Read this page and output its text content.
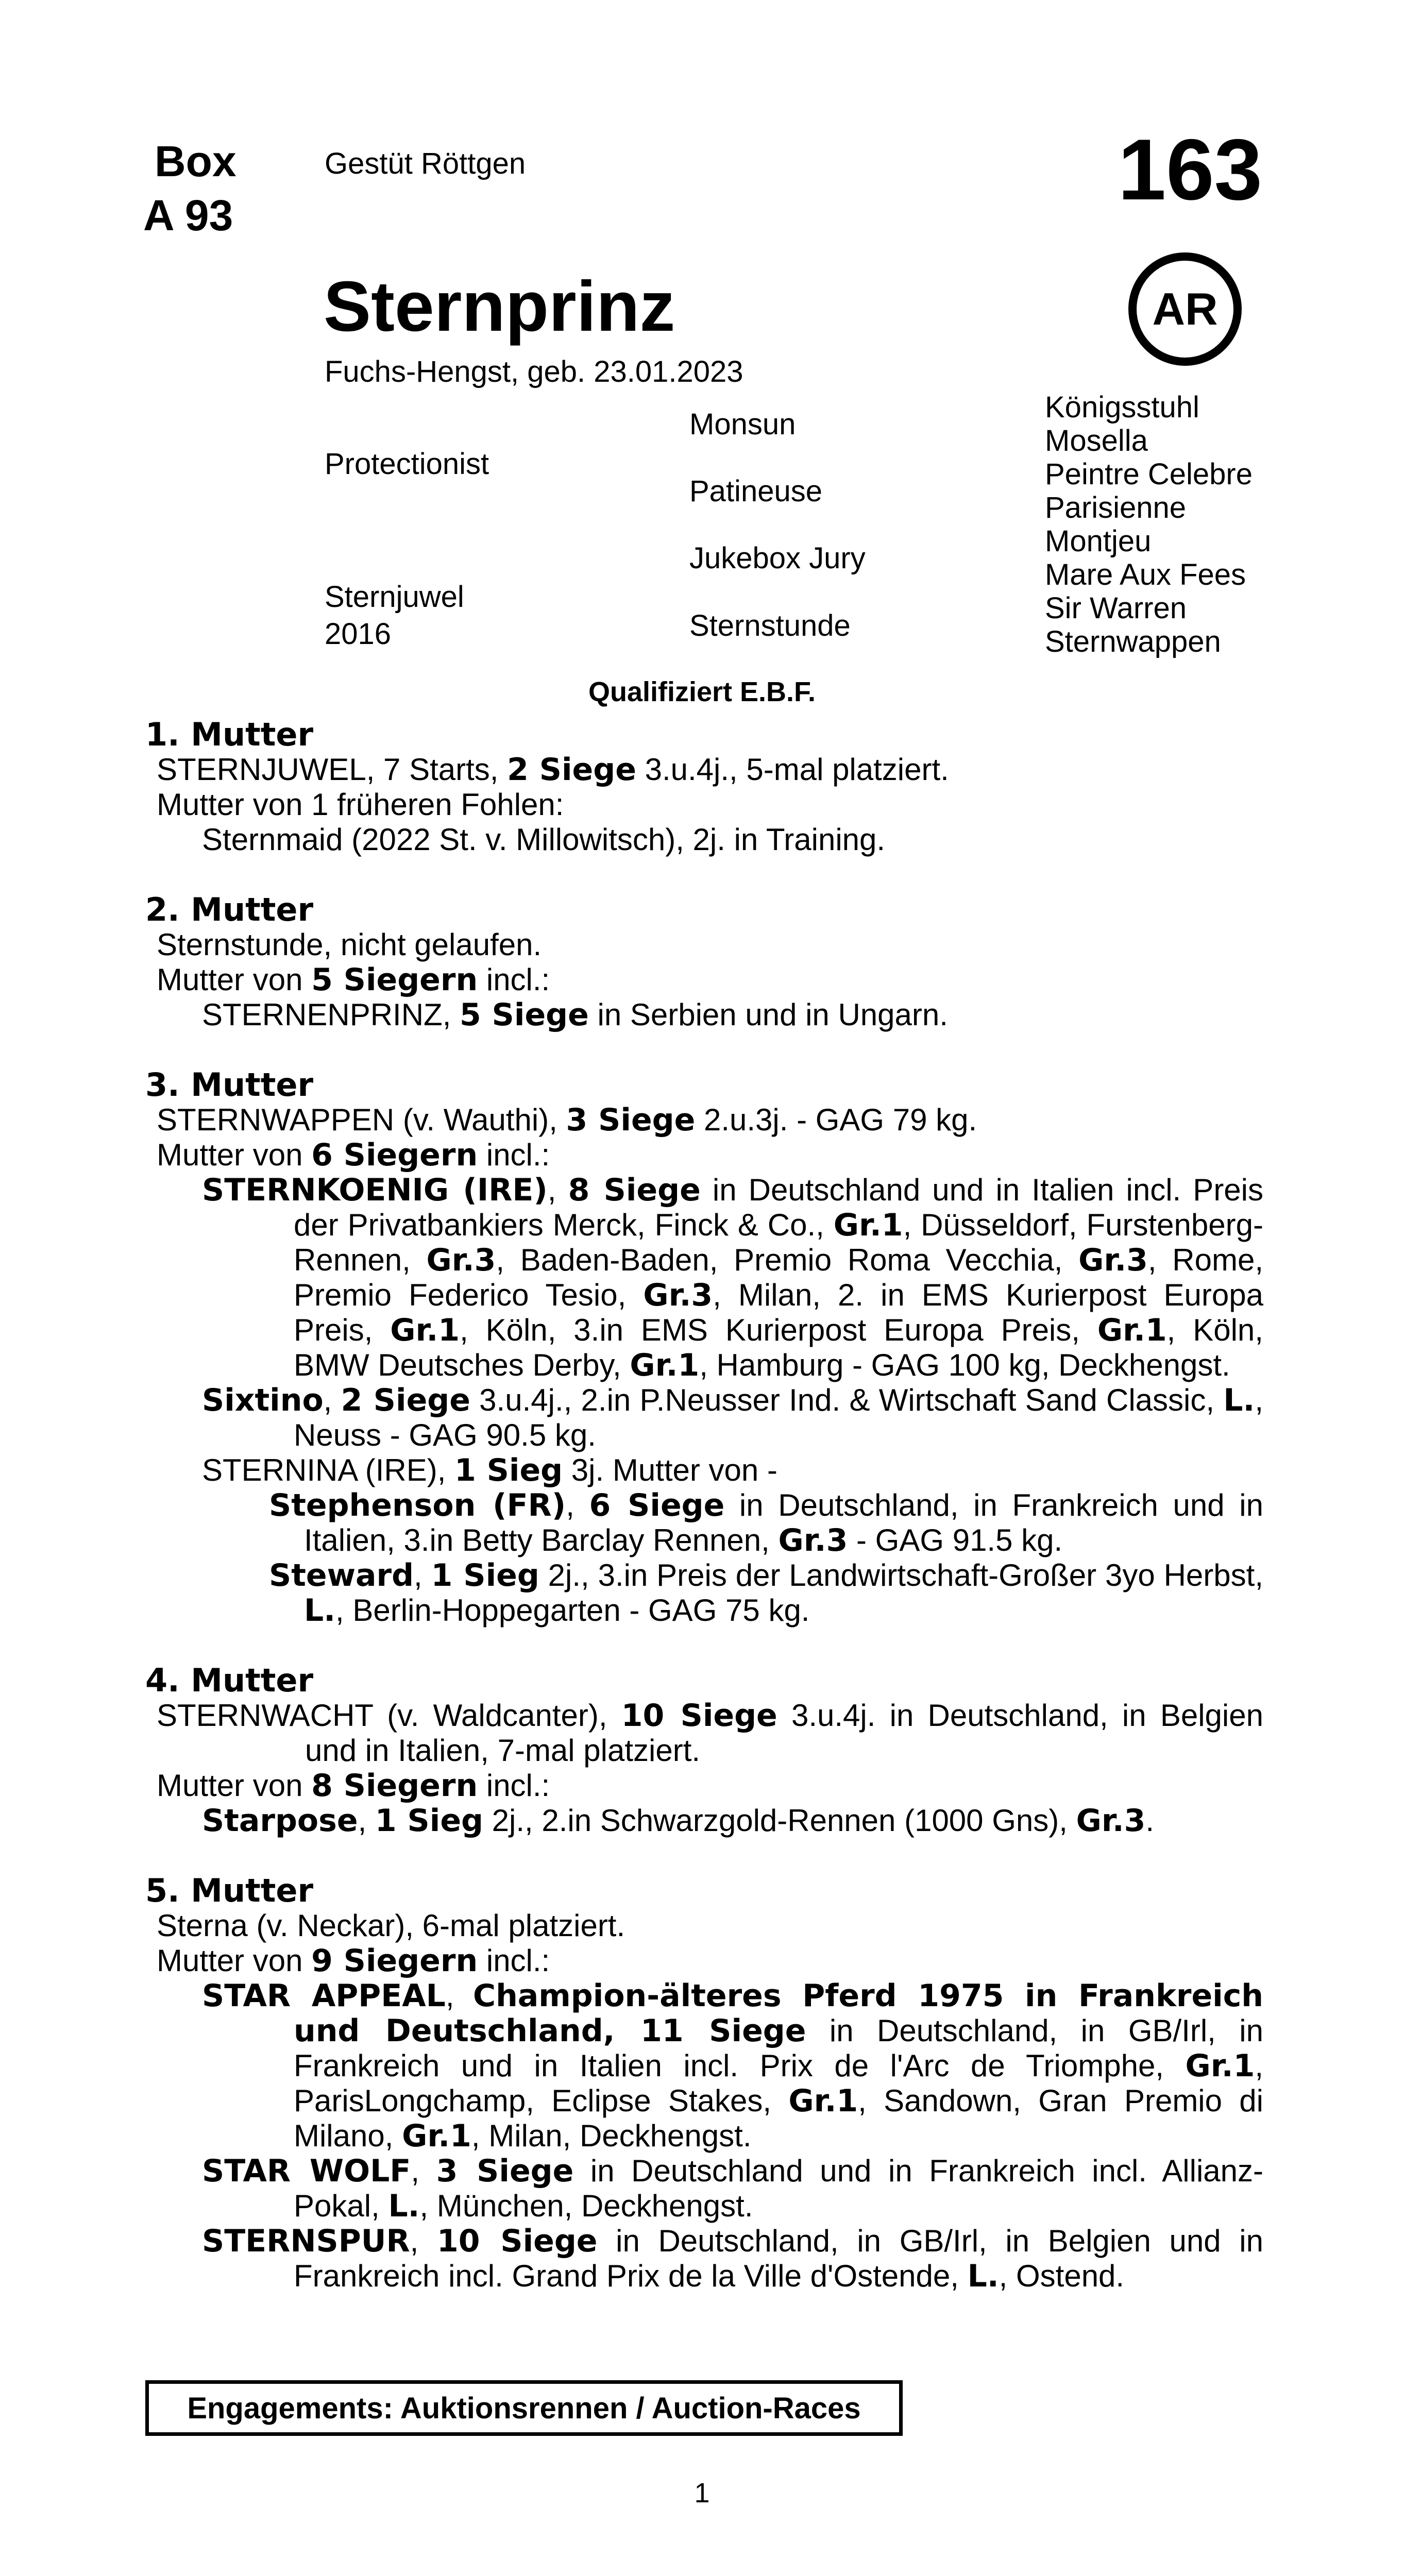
Box
A 93
Gestüt Röttgen	163
AR
Sternprinz
Fuchs-Hengst, geb. 23.01.2023
Protectionist
Sternjuwel
2016
Monsun
Patineuse
Jukebox Jury
Sternstunde
Königsstuhl
Mosella
Peintre Celebre
Parisienne
Montjeu
Mare Aux Fees
Sir Warren
Sternwappen
Qualifiziert E.B.F.
1. Mutter
STERNJUWEL, 7 Starts, 2 Siege 3.u.4j., 5-mal platziert.
Mutter von 1 früheren Fohlen:
Sternmaid (2022 St. v. Millowitsch), 2j. in Training.
2. Mutter
Sternstunde, nicht gelaufen.
Mutter von 5 Siegern incl.:
STERNENPRINZ, 5 Siege in Serbien und in Ungarn.
3. Mutter
STERNWAPPEN (v. Wauthi), 3 Siege 2.u.3j. - GAG 79 kg.
Mutter von 6 Siegern incl.:
STERNKOENIG (IRE), 8 Siege in Deutschland und in Italien incl. Preis der Privatbankiers Merck, Finck & Co., Gr.1, Düsseldorf, Furstenberg-Rennen, Gr.3, Baden-Baden, Premio Roma Vecchia, Gr.3, Rome, Premio Federico Tesio, Gr.3, Milan, 2. in EMS Kurierpost Europa Preis, Gr.1, Köln, 3.in EMS Kurierpost Europa Preis, Gr.1, Köln, BMW Deutsches Derby, Gr.1, Hamburg - GAG 100 kg, Deckhengst.
Sixtino, 2 Siege 3.u.4j., 2.in P.Neusser Ind. & Wirtschaft Sand Classic, L., Neuss - GAG 90.5 kg.
STERNINA (IRE), 1 Sieg 3j. Mutter von -
Stephenson (FR), 6 Siege in Deutschland, in Frankreich und in Italien, 3.in Betty Barclay Rennen, Gr.3 - GAG 91.5 kg.
Steward, 1 Sieg 2j., 3.in Preis der Landwirtschaft-Großer 3yo Herbst, L., Berlin-Hoppegarten - GAG 75 kg.
4. Mutter
STERNWACHT (v. Waldcanter), 10 Siege 3.u.4j. in Deutschland, in Belgien und in Italien, 7-mal platziert.
Mutter von 8 Siegern incl.:
Starpose, 1 Sieg 2j., 2.in Schwarzgold-Rennen (1000 Gns), Gr.3.
5. Mutter
Sterna (v. Neckar), 6-mal platziert.
Mutter von 9 Siegern incl.:
STAR APPEAL, Champion-älteres Pferd 1975 in Frankreich und Deutschland, 11 Siege in Deutschland, in GB/Irl, in Frankreich und in Italien incl. Prix de l'Arc de Triomphe, Gr.1, ParisLongchamp, Eclipse Stakes, Gr.1, Sandown, Gran Premio di Milano, Gr.1, Milan, Deckhengst.
STAR WOLF, 3 Siege in Deutschland und in Frankreich incl. Allianz-Pokal, L., München, Deckhengst.
STERNSPUR, 10 Siege in Deutschland, in GB/Irl, in Belgien und in Frankreich incl. Grand Prix de la Ville d'Ostende, L., Ostend.
Engagements: Auktionsrennen / Auction-Races
1
